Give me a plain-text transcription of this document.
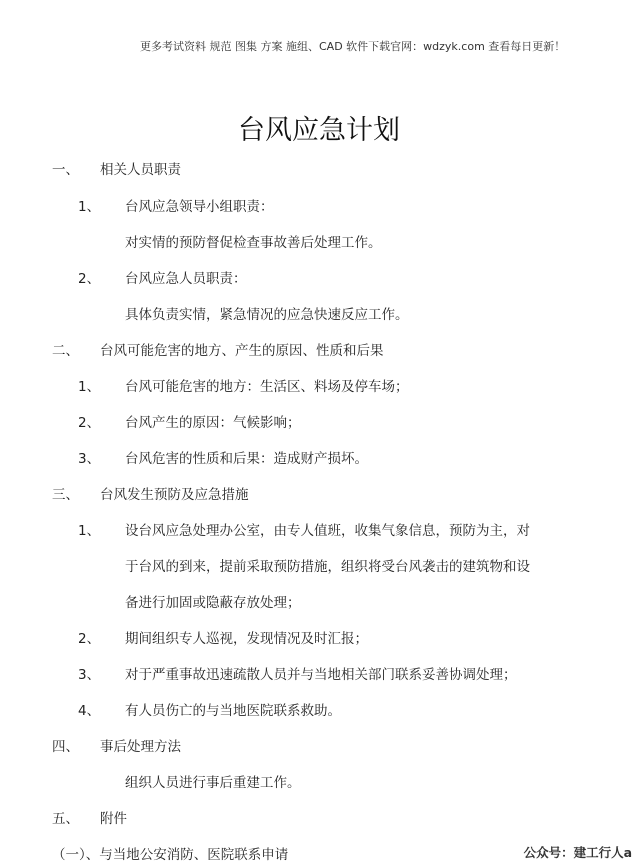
更多考试资料 规范 图集 方案 施组、CAD 软件下载官网：wdzyk.com 查看每日更新！
台风应急计划
一、 相关人员职责
1、 台风应急领导小组职责：
对实情的预防督促检查事故善后处理工作。
2、 台风应急人员职责：
具体负责实情，紧急情况的应急快速反应工作。
二、 台风可能危害的地方、产生的原因、性质和后果
1、 台风可能危害的地方：生活区、料场及停车场；
2、 台风产生的原因：气候影响；
3、 台风危害的性质和后果：造成财产损坏。
三、 台风发生预防及应急措施
1、 设台风应急处理办公室，由专人值班，收集气象信息，预防为主，对
于台风的到来，提前采取预防措施，组织将受台风袭击的建筑物和设
备进行加固或隐蔽存放处理；
2、 期间组织专人巡视，发现情况及时汇报；
3、 对于严重事故迅速疏散人员并与当地相关部门联系妥善协调处理；
4、 有人员伤亡的与当地医院联系救助。
四、 事后处理方法
组织人员进行事后重建工作。
五、 附件
（一）、与当地公安消防、医院联系申请	公众号：建工行人a
